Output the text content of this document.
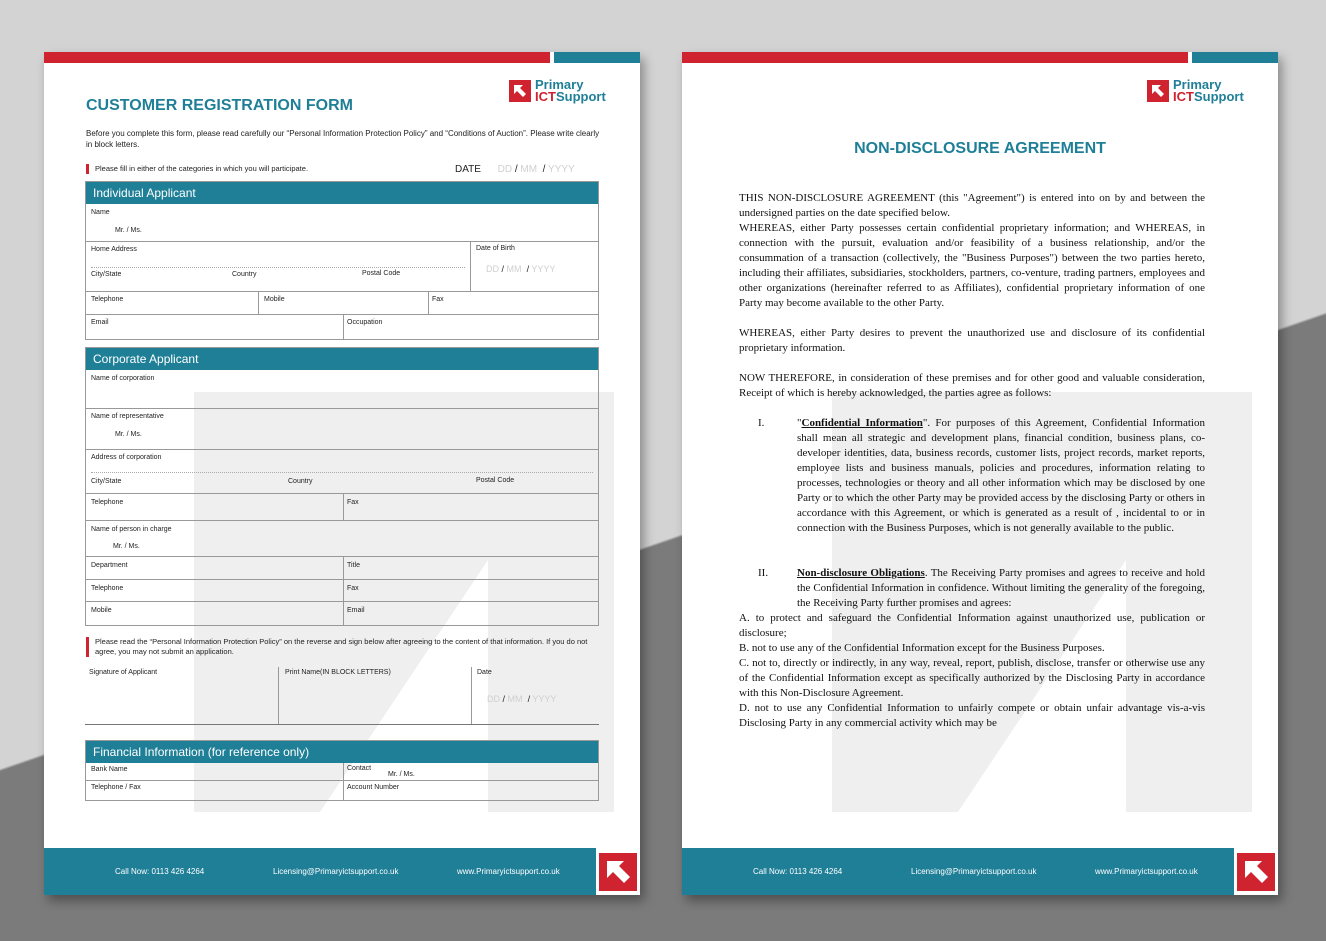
Primary
ICTSupport
CUSTOMER REGISTRATION FORM
Before you complete this form, please read carefully our “Personal Information Protection Policy” and “Conditions of Auction”. Please write clearly in block letters.
Please fill in either of the categories in which you will participate.	DATE DD / MM / YYYY
Individual Applicant
Name
Mr. / Ms.
Home Address
City/State	Country	Postal Code
Date of Birth
DD / MM / YYYY
Telephone	Mobile	Fax
Email	Occupation
Corporate Applicant
Name of corporation
Name of representative
Mr. / Ms.
Address of corporation
City/State	Country	Postal Code
Telephone	Fax
Name of person in charge
Mr. / Ms.
Department	Title
Telephone	Fax
Mobile	Email
Please read the “Personal Information Protection Policy” on the reverse and sign below after agreeing to the content of that information. If you do not agree, you may not submit an application.
Signature of Applicant	Print Name(IN BLOCK LETTERS)	Date
DD / MM / YYYY
Financial Information (for reference only)
Bank Name	Contact
Mr. / Ms.
Telephone / Fax	Account Number
Call Now: 0113 426 4264	Licensing@Primaryictsupport.co.uk	www.Primaryictsupport.co.uk
Primary
ICTSupport
NON-DISCLOSURE AGREEMENT

THIS NON-DISCLOSURE AGREEMENT (this "Agreement") is entered into on by and between the undersigned parties on the date specified below.

WHEREAS, either Party possesses certain confidential proprietary information; and WHEREAS, in connection with the pursuit, evaluation and/or feasibility of a business relationship, and/or the consummation of a transaction (collectively, the "Business Purposes") between the two parties hereto, including their affiliates, subsidiaries, stockholders, partners, co-venture, trading partners, employees and other organizations (hereinafter referred to as Affiliates), confidential proprietary information of one Party may become available to the other Party.

WHEREAS, either Party desires to prevent the unauthorized use and disclosure of its confidential proprietary information.

NOW THEREFORE, in consideration of these premises and for other good and valuable consideration, Receipt of which is hereby acknowledged, the parties agree as follows:

I.	"Confidential Information". For purposes of this Agreement, Confidential Information shall mean all strategic and development plans, financial condition, business plans, co-developer identities, data, business records, customer lists, project records, market reports, employee lists and business manuals, policies and procedures, information relating to processes, technologies or theory and all other information which may be disclosed by one Party or to which the other Party may be provided access by the disclosing Party or others in accordance with this Agreement, or which is generated as a result of , incidental to or in connection with the Business Purposes, which is not generally available to the public.
II.	Non-disclosure Obligations. The Receiving Party promises and agrees to receive and hold the Confidential Information in confidence. Without limiting the generality of the foregoing, the Receiving Party further promises and agrees:

A. to protect and safeguard the Confidential Information against unauthorized use, publication or disclosure;

B. not to use any of the Confidential Information except for the Business Purposes.

C. not to, directly or indirectly, in any way, reveal, report, publish, disclose, transfer or otherwise use any of the Confidential Information except as specifically authorized by the Disclosing Party in accordance with this Non-Disclosure Agreement.

D. not to use any Confidential Information to unfairly compete or obtain unfair advantage vis-a-vis Disclosing Party in any commercial activity which may be

Call Now: 0113 426 4264	Licensing@Primaryictsupport.co.uk	www.Primaryictsupport.co.uk
